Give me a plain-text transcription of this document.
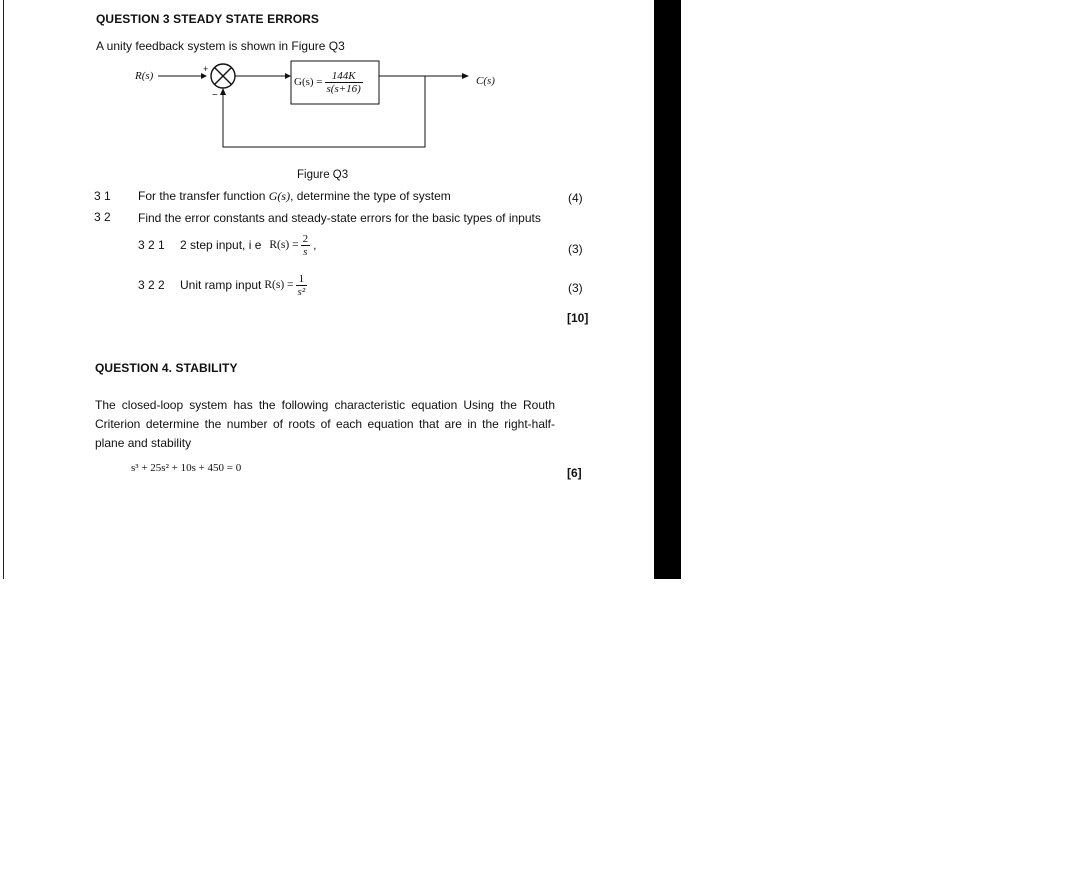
QUESTION 3 STEADY STATE ERRORS
A unity feedback system is shown in Figure Q3
R(s)
+
−
$G(s) = \frac{144K}{s(s+16)}$	C(s)
Figure Q3
3 1 For the transfer function G(s), determine the type of system	(4)
3 2 Find the error constants and steady-state errors for the basic types of inputs
3 2 1 2 step input, i e $R(s) = \frac{2}{s}$ ,	(3)
3 2 2 Unit ramp input $R(s) = \frac{1}{\text{s²}}$	(3)
[10]
QUESTION 4. STABILITY
The closed-loop system has the following characteristic equation Using the Routh
Criterion determine the number of roots of each equation that are in the right-half-
plane and stability
s³ + 25s² + 10s + 450 = 0	[6]
